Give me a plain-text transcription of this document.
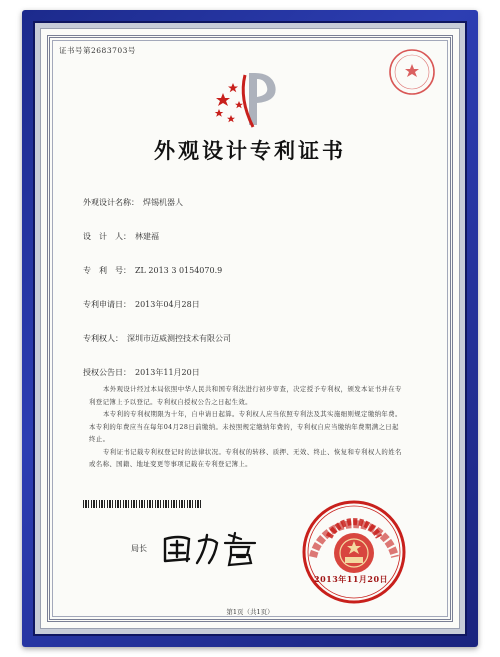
证书号第2683703号
外观设计专利证书
外观设计名称： 焊锡机器人
设　计　人： 林建福
专　利　号： ZL 2013 3 0154070.9
专利申请日： 2013年04月28日
专利权人： 深圳市迈威测控技术有限公司
授权公告日： 2013年11月20日

本外观设计经过本局依照中华人民共和国专利法进行初步审查，决定授予专利权，颁发本证书并在专利登记簿上予以登记。专利权自授权公告之日起生效。

本专利的专利权期限为十年，自申请日起算。专利权人应当依照专利法及其实施细则规定缴纳年费。本专利的年费应当在每年04月28日前缴纳。未按照规定缴纳年费的，专利权自应当缴纳年费期满之日起终止。

专利证书记载专利权登记时的法律状况。专利权的转移、质押、无效、终止、恢复和专利权人的姓名或名称、国籍、地址变更等事项记载在专利登记簿上。

局长
2013年11月20日
第1页（共1页）
